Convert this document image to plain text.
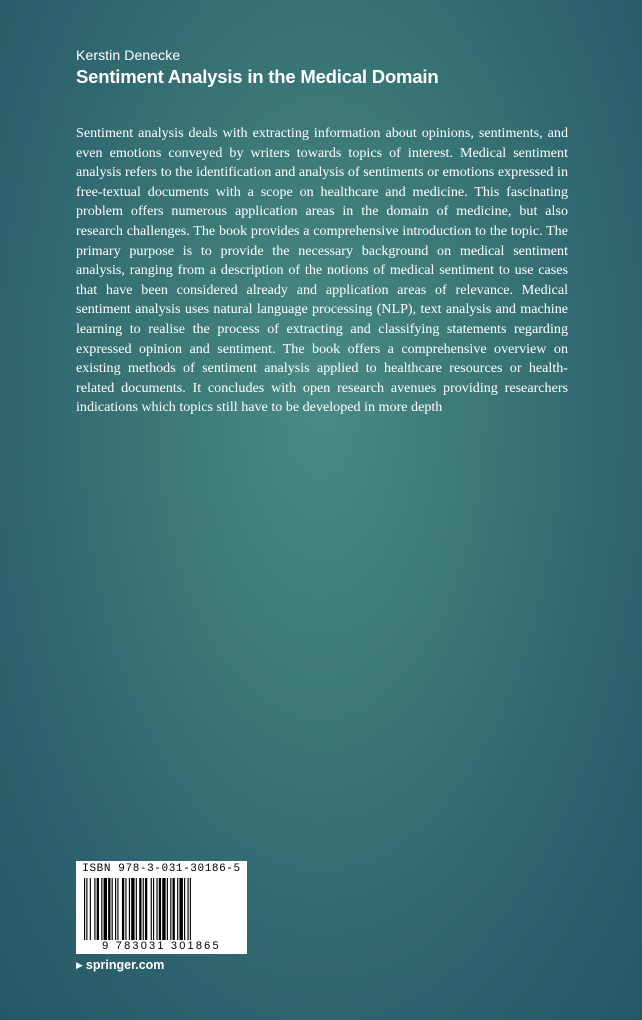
Kerstin Denecke
Sentiment Analysis in the Medical Domain

Sentiment analysis deals with extracting information about opinions, sentiments, and even emotions conveyed by writers towards topics of interest. Medical sentiment analysis refers to the identification and analysis of sentiments or emotions expressed in free-textual documents with a scope on healthcare and medicine. This fascinating problem offers numerous application areas in the domain of medicine, but also research challenges. The book provides a comprehensive introduction to the topic. The primary purpose is to provide the necessary background on medical sentiment analysis, ranging from a description of the notions of medical sentiment to use cases that have been considered already and application areas of relevance. Medical sentiment analysis uses natural language processing (NLP), text analysis and machine learning to realise the process of extracting and classifying statements regarding expressed opinion and sentiment. The book offers a comprehensive overview on existing methods of sentiment analysis applied to healthcare resources or health-related documents. It concludes with open research avenues providing researchers indications which topics still have to be developed in more depth

ISBN 978-3-031-30186-5
9 783031 301865
▶ springer.com
